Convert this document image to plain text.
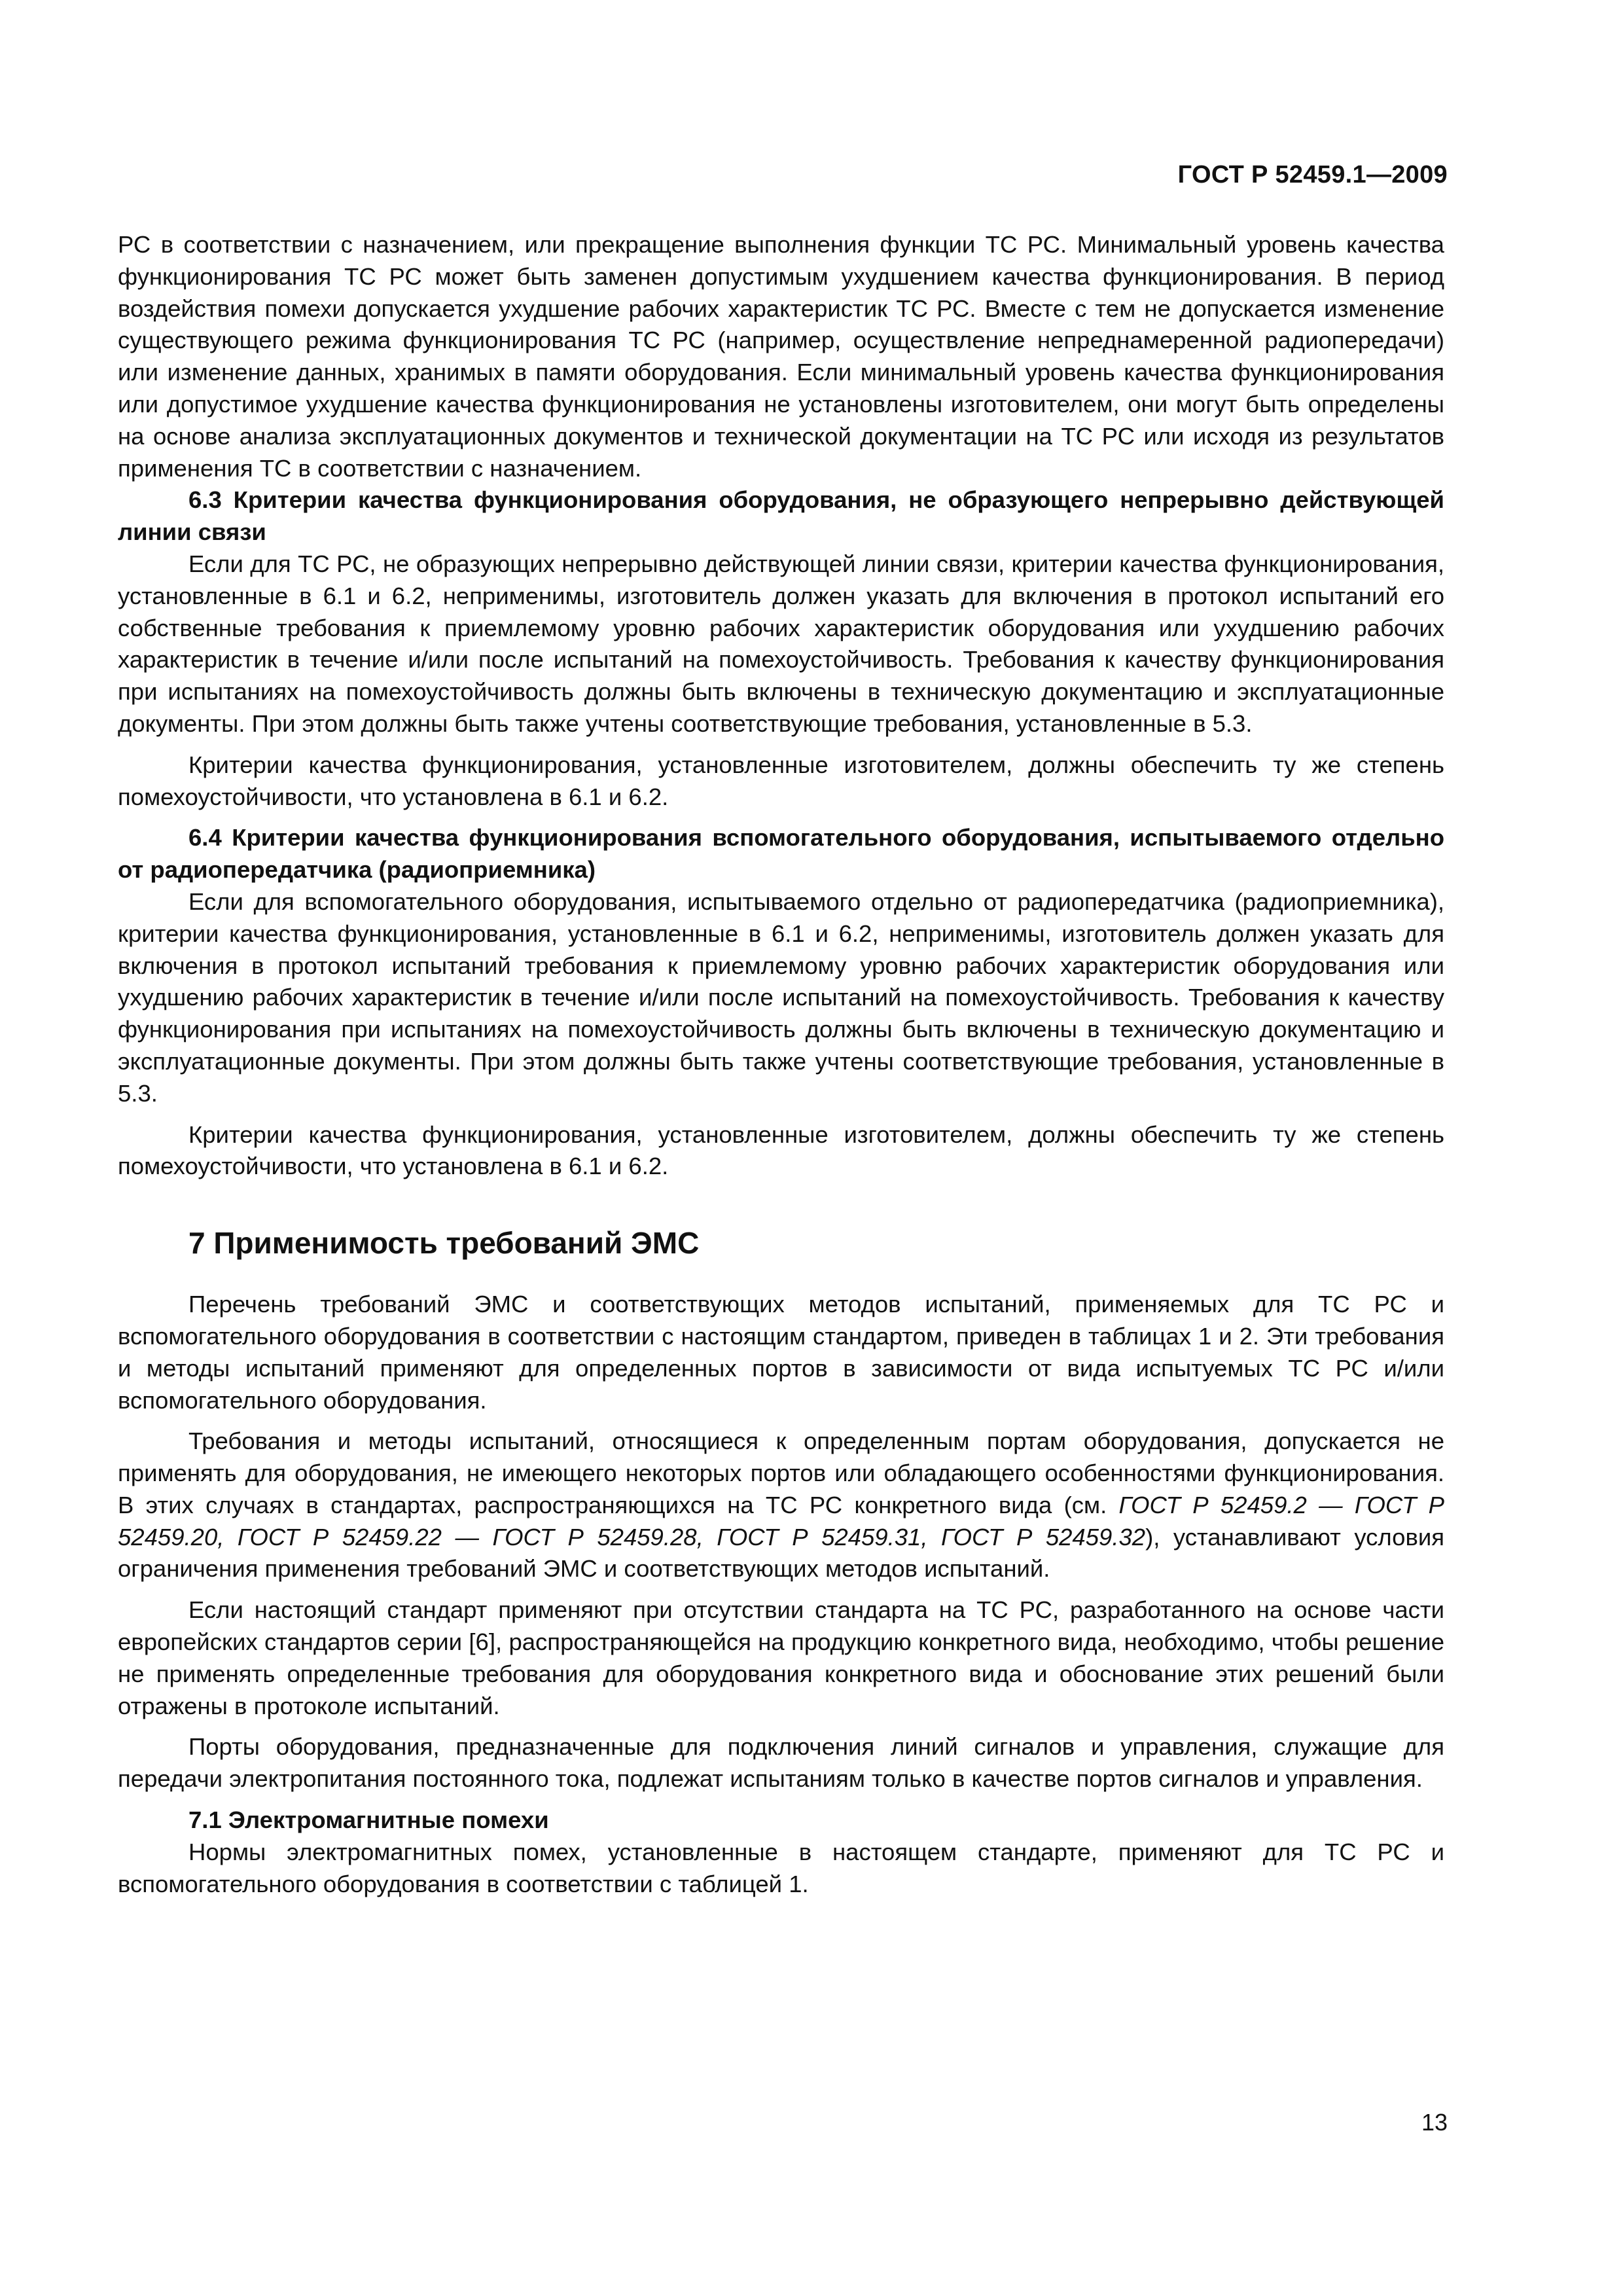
ГОСТ Р 52459.1—2009

РС в соответствии с назначением, или прекращение выполнения функции ТС РС. Минимальный уровень качества функционирования ТС РС может быть заменен допустимым ухудшением качества функционирования. В период воздействия помехи допускается ухудшение рабочих характеристик ТС РС. Вместе с тем не допускается изменение существующего режима функционирования ТС РС (например, осуществление непреднамеренной радиопередачи) или изменение данных, хранимых в памяти оборудования. Если минимальный уровень качества функционирования или допустимое ухудшение качества функционирования не установлены изготовителем, они могут быть определены на основе анализа эксплуатационных документов и технической документации на ТС РС или исходя из результатов применения ТС в соответствии с назначением.

6.3 Критерии качества функционирования оборудования, не образующего непрерывно действующей линии связи

Если для ТС РС, не образующих непрерывно действующей линии связи, критерии качества функционирования, установленные в 6.1 и 6.2, неприменимы, изготовитель должен указать для включения в протокол испытаний его собственные требования к приемлемому уровню рабочих характеристик оборудования или ухудшению рабочих характеристик в течение и/или после испытаний на помехоустойчивость. Требования к качеству функционирования при испытаниях на помехоустойчивость должны быть включены в техническую документацию и эксплуатационные документы. При этом должны быть также учтены соответствующие требования, установленные в 5.3.

Критерии качества функционирования, установленные изготовителем, должны обеспечить ту же степень помехоустойчивости, что установлена в 6.1 и 6.2.

6.4 Критерии качества функционирования вспомогательного оборудования, испытываемого отдельно от радиопередатчика (радиоприемника)

Если для вспомогательного оборудования, испытываемого отдельно от радиопередатчика (радиоприемника), критерии качества функционирования, установленные в 6.1 и 6.2, неприменимы, изготовитель должен указать для включения в протокол испытаний требования к приемлемому уровню рабочих характеристик оборудования или ухудшению рабочих характеристик в течение и/или после испытаний на помехоустойчивость. Требования к качеству функционирования при испытаниях на помехоустойчивость должны быть включены в техническую документацию и эксплуатационные документы. При этом должны быть также учтены соответствующие требования, установленные в 5.3.

Критерии качества функционирования, установленные изготовителем, должны обеспечить ту же степень помехоустойчивости, что установлена в 6.1 и 6.2.

7 Применимость требований ЭМС

Перечень требований ЭМС и соответствующих методов испытаний, применяемых для ТС РС и вспомогательного оборудования в соответствии с настоящим стандартом, приведен в таблицах 1 и 2. Эти требования и методы испытаний применяют для определенных портов в зависимости от вида испытуемых ТС РС и/или вспомогательного оборудования.

Требования и методы испытаний, относящиеся к определенным портам оборудования, допускается не применять для оборудования, не имеющего некоторых портов или обладающего особенностями функционирования. В этих случаях в стандартах, распространяющихся на ТС РС конкретного вида (см. ГОСТ Р 52459.2 — ГОСТ Р 52459.20, ГОСТ Р 52459.22 — ГОСТ Р 52459.28, ГОСТ Р 52459.31, ГОСТ Р 52459.32), устанавливают условия ограничения применения требований ЭМС и соответствующих методов испытаний.

Если настоящий стандарт применяют при отсутствии стандарта на ТС РС, разработанного на основе части европейских стандартов серии [6], распространяющейся на продукцию конкретного вида, необходимо, чтобы решение не применять определенные требования для оборудования конкретного вида и обоснование этих решений были отражены в протоколе испытаний.

Порты оборудования, предназначенные для подключения линий сигналов и управления, служащие для передачи электропитания постоянного тока, подлежат испытаниям только в качестве портов сигналов и управления.

7.1 Электромагнитные помехи

Нормы электромагнитных помех, установленные в настоящем стандарте, применяют для ТС РС и вспомогательного оборудования в соответствии с таблицей 1.

13
